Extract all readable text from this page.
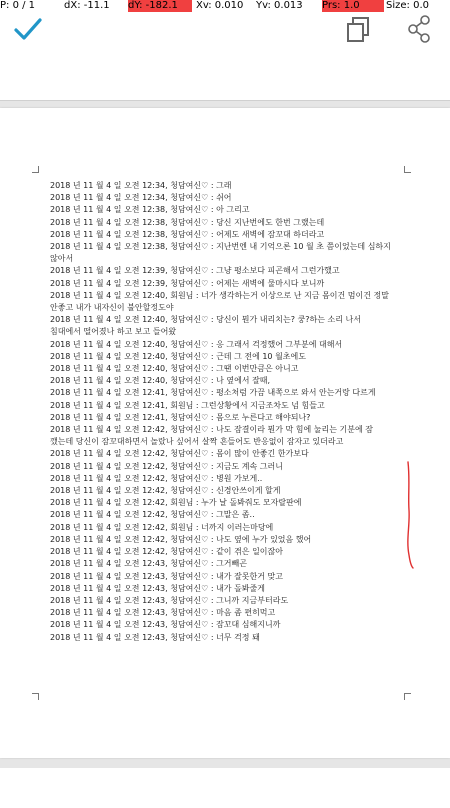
P: 0 / 1	dX: -11.1 dY: -182.1	Xv: 0.010 Yv: 0.013 Prs: 1.0	Size: 0.0
2018 년 11 월 4 일 오전 12:34, 청담여신♡ : 그래
2018 년 11 월 4 일 오전 12:34, 청담여신♡ : 쉬어
2018 년 11 월 4 일 오전 12:38, 청담여신♡ : 아 그리고
2018 년 11 월 4 일 오전 12:38, 청담여신♡ : 당신 지난번에도 한번 그랬는데
2018 년 11 월 4 일 오전 12:38, 청담여신♡ : 어제도 새벽에 잠꼬대 하더라고
2018 년 11 월 4 일 오전 12:38, 청담여신♡ : 지난번엔 내 기억으론 10 월 초 쯤이었는데 심하지 않아서
2018 년 11 월 4 일 오전 12:39, 청담여신♡ : 그냥 평소보다 피곤해서 그런가했고
2018 년 11 월 4 일 오전 12:39, 청담여신♡ : 어제는 새벽에 물마시다 보니까
2018 년 11 월 4 일 오전 12:40, 회원님 : 너가 생각하는거 이상으로 난 지금 몸이건 멈이건 정말 안좋고 내가 내자신이 불안할정도야
2018 년 11 월 4 일 오전 12:40, 청담여신♡ : 당신이 뭔가 내리치는? 쿵?하는 소리 나서 침대에서 떨어졌나 하고 보고 들어왔
2018 년 11 월 4 일 오전 12:40, 청담여신♡ : 응 그래서 걱정했어 그부분에 대해서
2018 년 11 월 4 일 오전 12:40, 청담여신♡ : 근데 그 전에 10 월초에도
2018 년 11 월 4 일 오전 12:40, 청담여신♡ : 그땐 이번만큼은 아니고
2018 년 11 월 4 일 오전 12:40, 청담여신♡ : 나 옆에서 잘때,
2018 년 11 월 4 일 오전 12:41, 청담여신♡ : 평소처럼 가끔 내쪽으로 와서 안는거랑 다르게
2018 년 11 월 4 일 오전 12:41, 회원님 : 그런상황에서 지금조차도 넘 힘들고
2018 년 11 월 4 일 오전 12:41, 청담여신♡ : 몸으로 누른다고 해야되나?
2018 년 11 월 4 일 오전 12:42, 청담여신♡ : 나도 잠결이라 뭔가 막 힘에 눌리는 기분에 잠 깼는데 당신이 잠꼬대하면서 놀랐나 싶어서 살짝 흔들어도 반응없이 잠자고 있더라고
2018 년 11 월 4 일 오전 12:42, 청담여신♡ : 몸이 많이 안좋긴 한가보다
2018 년 11 월 4 일 오전 12:42, 청담여신♡ : 지금도 계속 그러니
2018 년 11 월 4 일 오전 12:42, 청담여신♡ : 병원 가보게..
2018 년 11 월 4 일 오전 12:42, 청담여신♡ : 신경안쓰이게 할게
2018 년 11 월 4 일 오전 12:42, 회원님 : 누가 날 돌봐줘도 모자랄판에
2018 년 11 월 4 일 오전 12:42, 청담여신♡ : 그말은 좀..
2018 년 11 월 4 일 오전 12:42, 회원님 : 너까지 이러는마당에
2018 년 11 월 4 일 오전 12:42, 청담여신♡ : 나도 옆에 누가 있었음 했어
2018 년 11 월 4 일 오전 12:42, 청담여신♡ : 같이 겪은 일이잖아
2018 년 11 월 4 일 오전 12:43, 청담여신♡ : 그거빼곤
2018 년 11 월 4 일 오전 12:43, 청담여신♡ : 내가 잘못한거 맞고
2018 년 11 월 4 일 오전 12:43, 청담여신♡ : 내가 돌봐줄게
2018 년 11 월 4 일 오전 12:43, 청담여신♡ : 그니까 지금부터라도
2018 년 11 월 4 일 오전 12:43, 청담여신♡ : 마음 좀 편히먹고
2018 년 11 월 4 일 오전 12:43, 청담여신♡ : 잠꼬대 심해지니까
2018 년 11 월 4 일 오전 12:43, 청담여신♡ : 너무 걱정 돼
